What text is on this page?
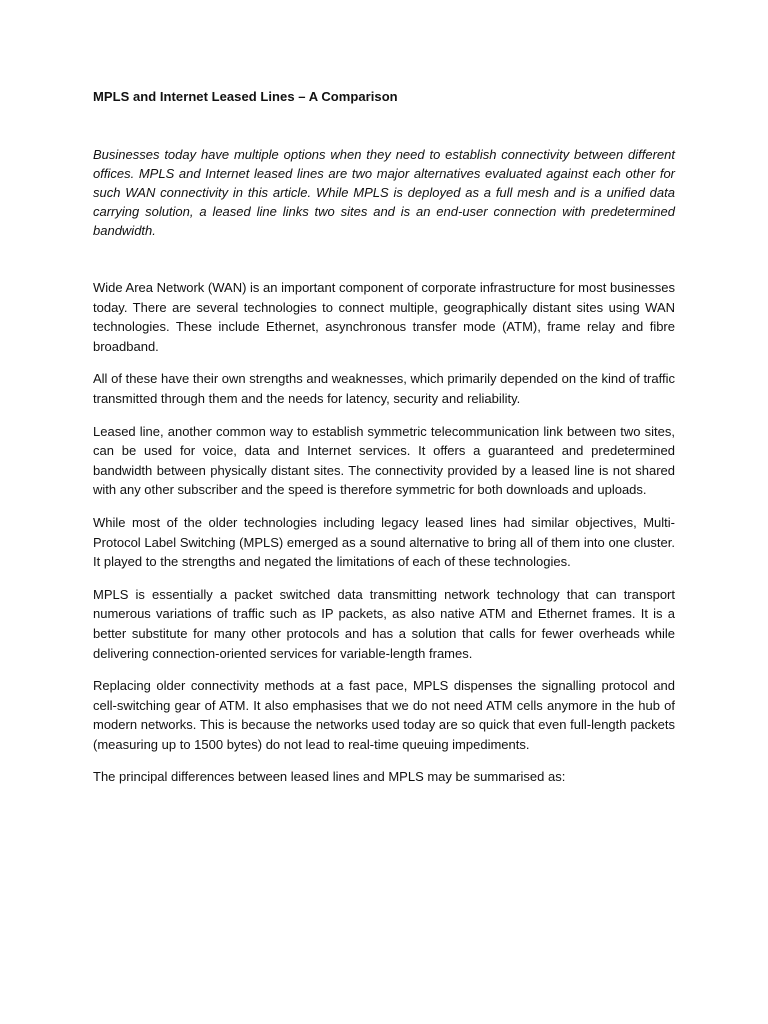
MPLS and Internet Leased Lines – A Comparison

Businesses today have multiple options when they need to establish connectivity between different offices. MPLS and Internet leased lines are two major alternatives evaluated against each other for such WAN connectivity in this article. While MPLS is deployed as a full mesh and is a unified data carrying solution, a leased line links two sites and is an end-user connection with predetermined bandwidth.

Wide Area Network (WAN) is an important component of corporate infrastructure for most businesses today. There are several technologies to connect multiple, geographically distant sites using WAN technologies. These include Ethernet, asynchronous transfer mode (ATM), frame relay and fibre broadband.

All of these have their own strengths and weaknesses, which primarily depended on the kind of traffic transmitted through them and the needs for latency, security and reliability.

Leased line, another common way to establish symmetric telecommunication link between two sites, can be used for voice, data and Internet services. It offers a guaranteed and predetermined bandwidth between physically distant sites. The connectivity provided by a leased line is not shared with any other subscriber and the speed is therefore symmetric for both downloads and uploads.

While most of the older technologies including legacy leased lines had similar objectives, Multi-Protocol Label Switching (MPLS) emerged as a sound alternative to bring all of them into one cluster. It played to the strengths and negated the limitations of each of these technologies.

MPLS is essentially a packet switched data transmitting network technology that can transport numerous variations of traffic such as IP packets, as also native ATM and Ethernet frames. It is a better substitute for many other protocols and has a solution that calls for fewer overheads while delivering connection-oriented services for variable-length frames.

Replacing older connectivity methods at a fast pace, MPLS dispenses the signalling protocol and cell-switching gear of ATM. It also emphasises that we do not need ATM cells anymore in the hub of modern networks. This is because the networks used today are so quick that even full-length packets (measuring up to 1500 bytes) do not lead to real-time queuing impediments.

The principal differences between leased lines and MPLS may be summarised as:
